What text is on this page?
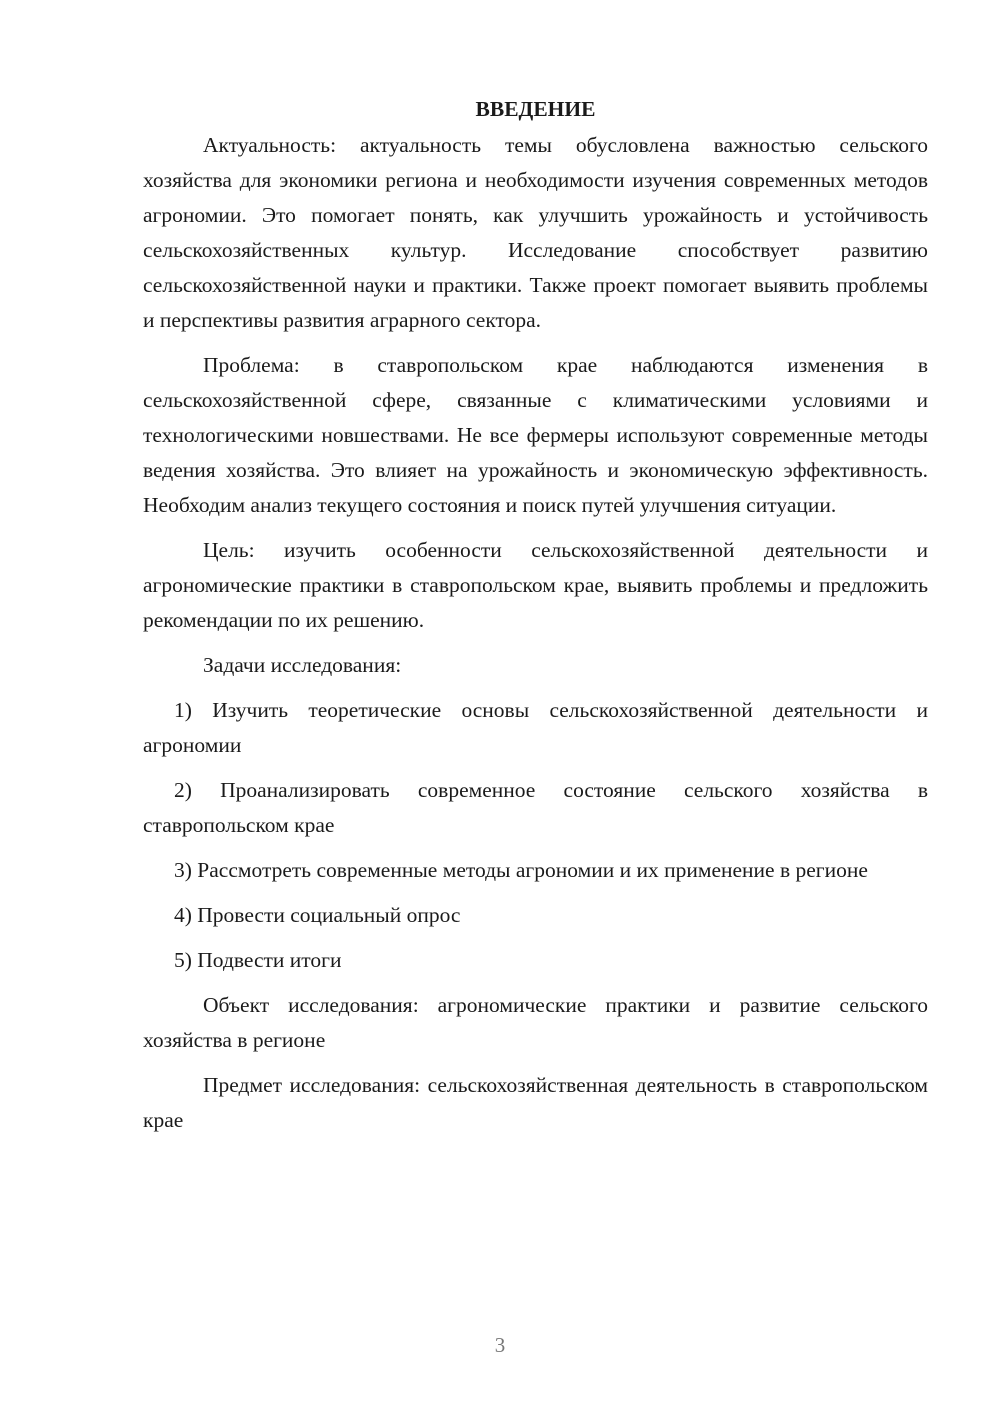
ВВЕДЕНИЕ

Актуальность: актуальность темы обусловлена важностью сельского хозяйства для экономики региона и необходимости изучения современных методов агрономии. Это помогает понять, как улучшить урожайность и устойчивость сельскохозяйственных культур. Исследование способствует развитию сельскохозяйственной науки и практики. Также проект помогает выявить проблемы и перспективы развития аграрного сектора.

Проблема: в ставропольском крае наблюдаются изменения в сельскохозяйственной сфере, связанные с климатическими условиями и технологическими новшествами. Не все фермеры используют современные методы ведения хозяйства. Это влияет на урожайность и экономическую эффективность. Необходим анализ текущего состояния и поиск путей улучшения ситуации.

Цель: изучить особенности сельскохозяйственной деятельности и агрономические практики в ставропольском крае, выявить проблемы и предложить рекомендации по их решению.

Задачи исследования:

1) Изучить теоретические основы сельскохозяйственной деятельности и агрономии

2) Проанализировать современное состояние сельского хозяйства в ставропольском крае

3) Рассмотреть современные методы агрономии и их применение в регионе

4) Провести социальный опрос

5) Подвести итоги

Объект исследования: агрономические практики и развитие сельского хозяйства в регионе

Предмет исследования: сельскохозяйственная деятельность в ставропольском крае

3
